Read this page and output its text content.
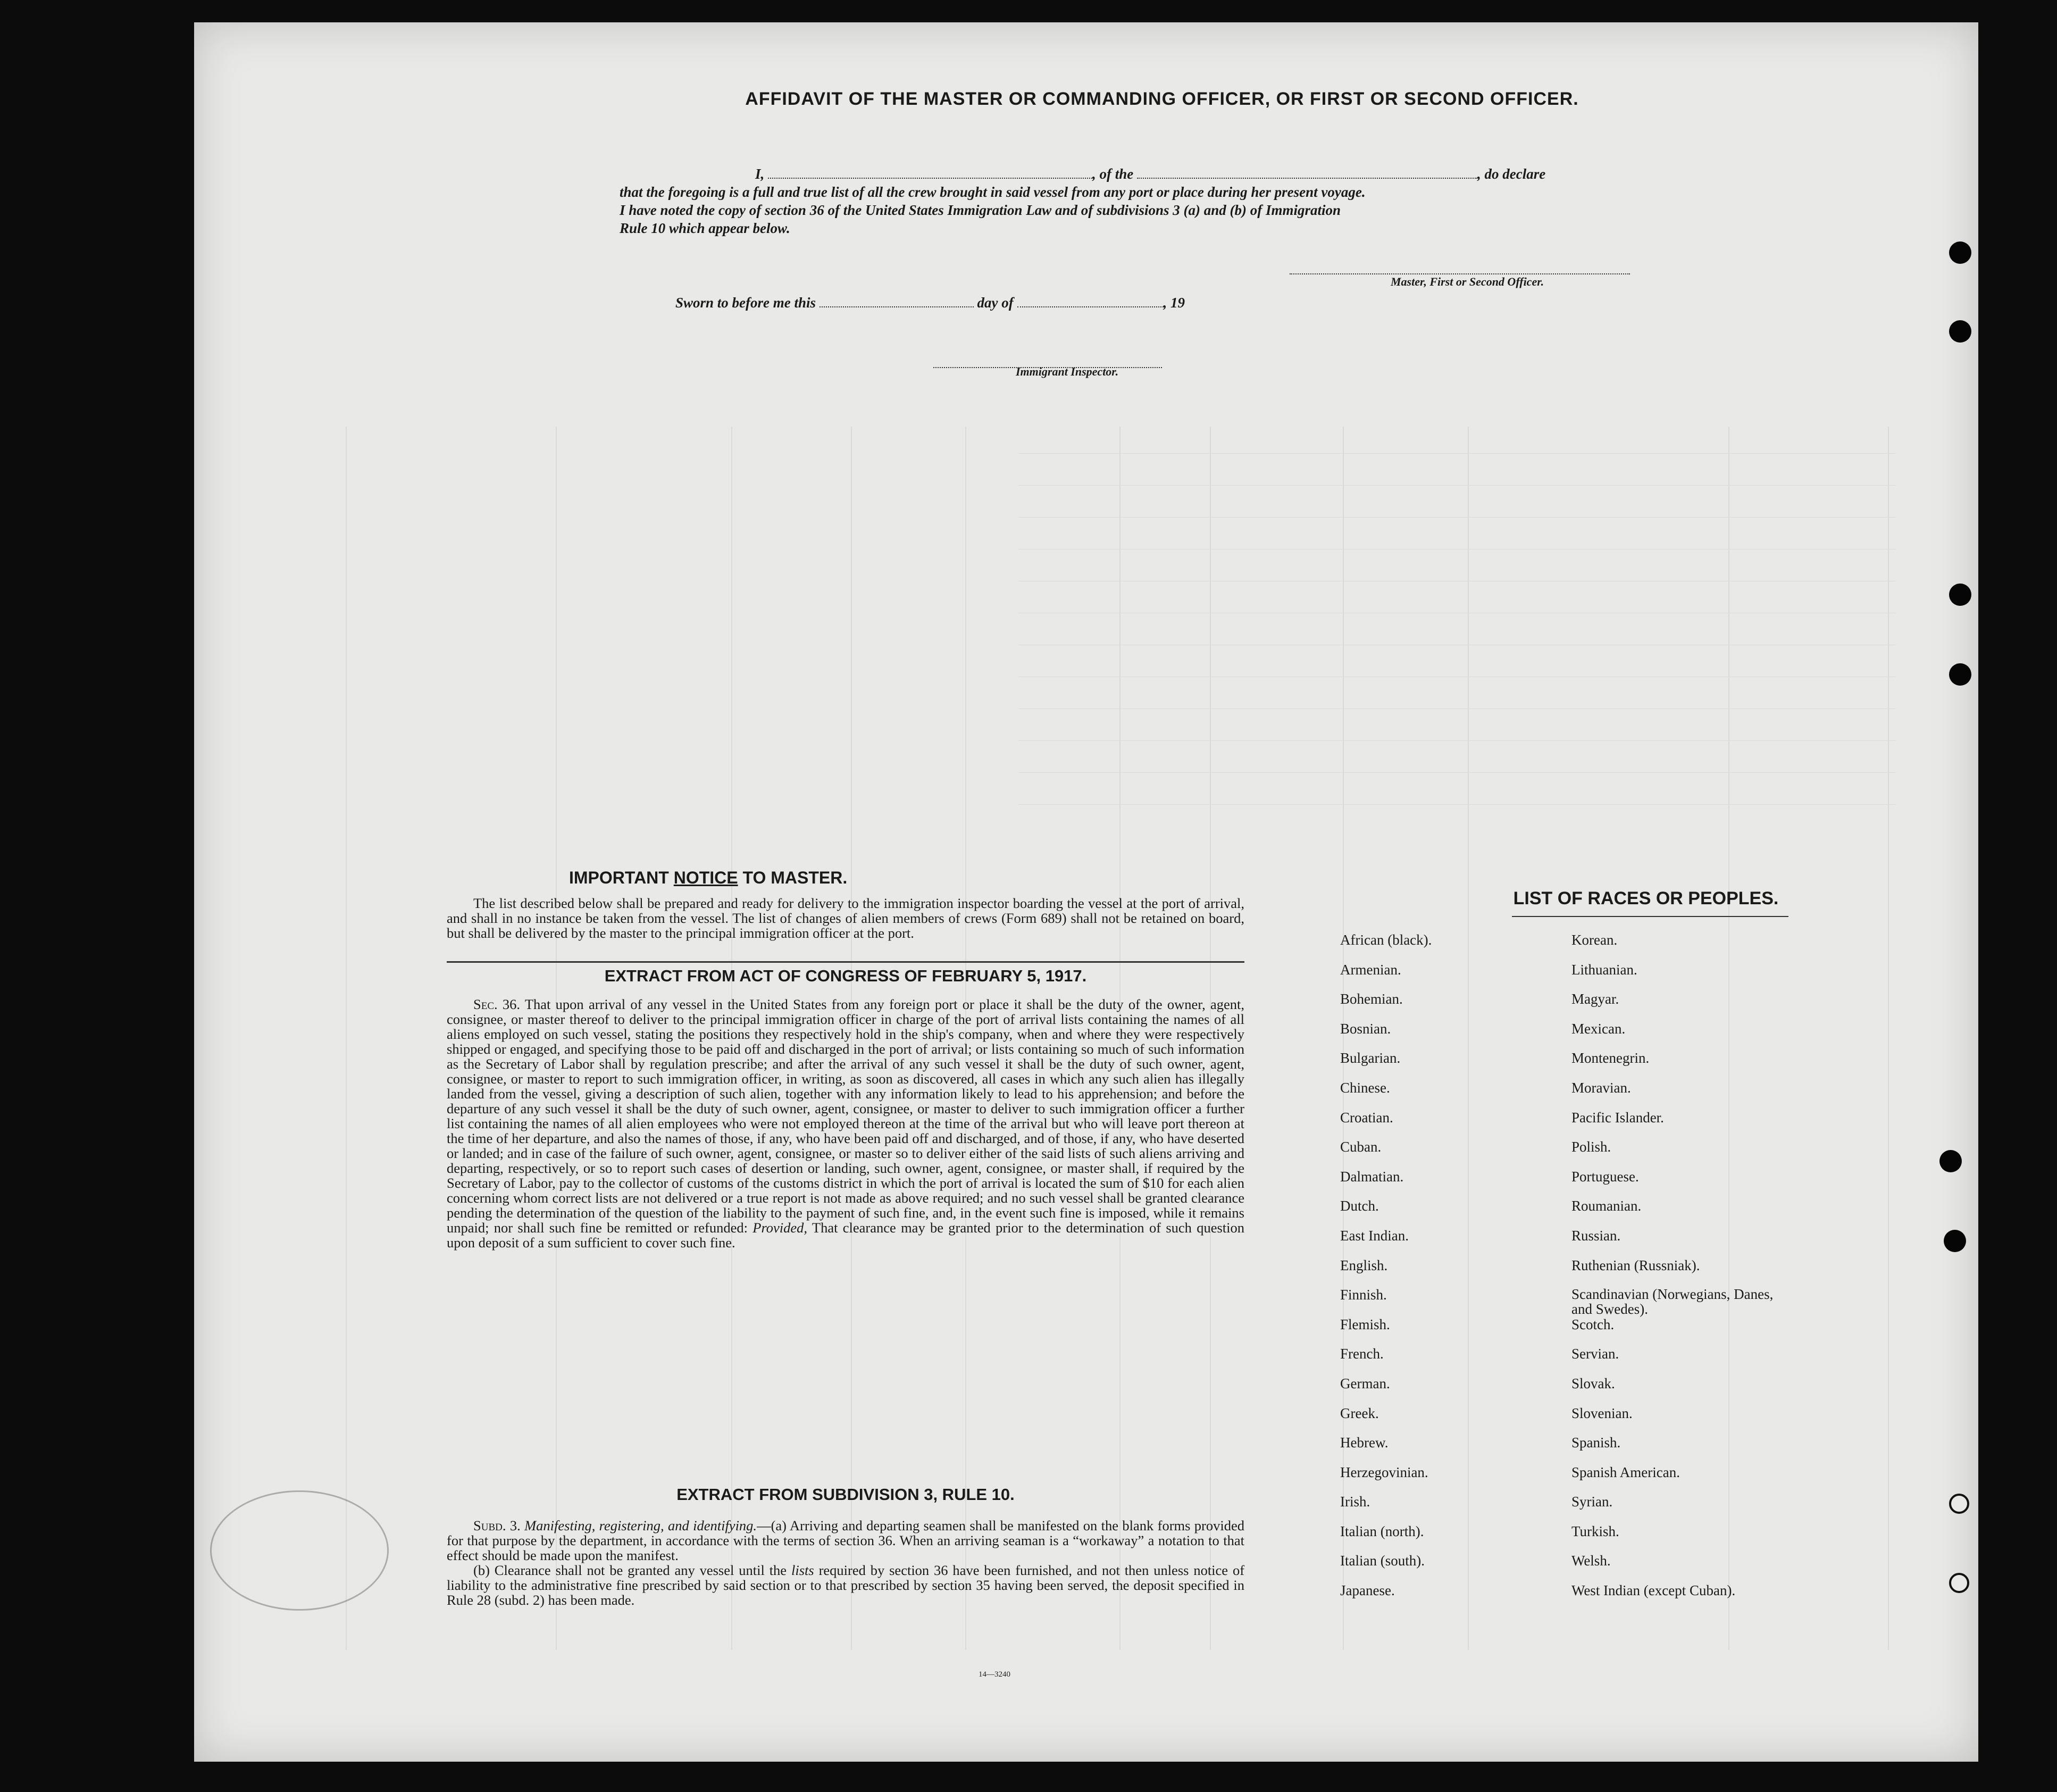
AFFIDAVIT OF THE MASTER OR COMMANDING OFFICER, OR FIRST OR SECOND OFFICER.
I,	, of the	, do declare
that the foregoing is a full and true list of all the crew brought in said vessel from any port or place during her present voyage.
I have noted the copy of section 36 of the United States Immigration Law and of subdivisions 3 (a) and (b) of Immigration
Rule 10 which appear below.
Master, First or Second Officer.
Sworn to before me this	day of	, 19
Immigrant Inspector.
IMPORTANT NOTICE TO MASTER.

The list described below shall be prepared and ready for delivery to the immigration inspector boarding the vessel at the port of arrival, and shall in no instance be taken from the vessel. The list of changes of alien members of crews (Form 689) shall not be retained on board, but shall be delivered by the master to the principal immigration officer at the port.

EXTRACT FROM ACT OF CONGRESS OF FEBRUARY 5, 1917.

Sec. 36. That upon arrival of any vessel in the United States from any foreign port or place it shall be the duty of the owner, agent, consignee, or master thereof to deliver to the principal immigration officer in charge of the port of arrival lists containing the names of all aliens employed on such vessel, stating the positions they respectively hold in the ship's company, when and where they were respectively shipped or engaged, and specifying those to be paid off and discharged in the port of arrival; or lists containing so much of such information as the Secretary of Labor shall by regulation prescribe; and after the arrival of any such vessel it shall be the duty of such owner, agent, consignee, or master to report to such immigration officer, in writing, as soon as discovered, all cases in which any such alien has illegally landed from the vessel, giving a description of such alien, together with any information likely to lead to his apprehension; and before the departure of any such vessel it shall be the duty of such owner, agent, consignee, or master to deliver to such immigration officer a further list containing the names of all alien employees who were not employed thereon at the time of the arrival but who will leave port thereon at the time of her departure, and also the names of those, if any, who have been paid off and discharged, and of those, if any, who have deserted or landed; and in case of the failure of such owner, agent, consignee, or master so to deliver either of the said lists of such aliens arriving and departing, respectively, or so to report such cases of desertion or landing, such owner, agent, consignee, or master shall, if required by the Secretary of Labor, pay to the collector of customs of the customs district in which the port of arrival is located the sum of $10 for each alien concerning whom correct lists are not delivered or a true report is not made as above required; and no such vessel shall be granted clearance pending the determination of the question of the liability to the payment of such fine, and, in the event such fine is imposed, while it remains unpaid; nor shall such fine be remitted or refunded: Provided, That clearance may be granted prior to the determination of such question upon deposit of a sum sufficient to cover such fine.

EXTRACT FROM SUBDIVISION 3, RULE 10.

Subd. 3. Manifesting, registering, and identifying.—(a) Arriving and departing seamen shall be manifested on the blank forms provided for that purpose by the department, in accordance with the terms of section 36. When an arriving seaman is a “workaway” a notation to that effect should be made upon the manifest.

(b) Clearance shall not be granted any vessel until the lists required by section 36 have been furnished, and not then unless notice of liability to the administrative fine prescribed by said section or to that prescribed by section 35 having been served, the deposit specified in Rule 28 (subd. 2) has been made.

14—3240
LIST OF RACES OR PEOPLES.
African (black).
Armenian.
Bohemian.
Bosnian.
Bulgarian.
Chinese.
Croatian.
Cuban.
Dalmatian.
Dutch.
East Indian.
English.
Finnish.
Flemish.
French.
German.
Greek.
Hebrew.
Herzegovinian.
Irish.
Italian (north).
Italian (south).
Japanese.
Korean.
Lithuanian.
Magyar.
Mexican.
Montenegrin.
Moravian.
Pacific Islander.
Polish.
Portuguese.
Roumanian.
Russian.
Ruthenian (Russniak).
Scandinavian (Norwegians, Danes, and Swedes).
Scotch.
Servian.
Slovak.
Slovenian.
Spanish.
Spanish American.
Syrian.
Turkish.
Welsh.
West Indian (except Cuban).
